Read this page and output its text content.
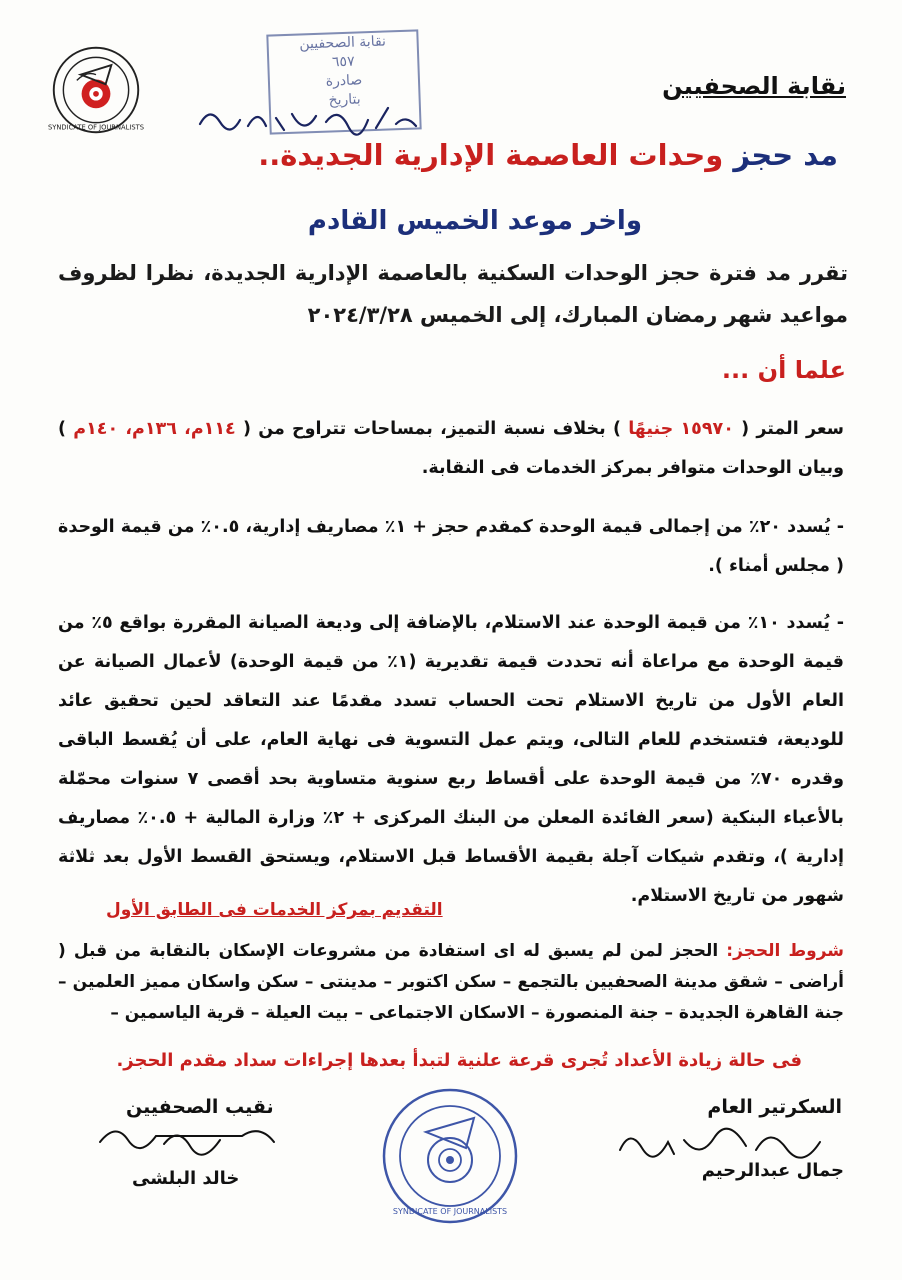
SYNDICATE OF JOURNALISTS
نقابة الصحفيين
٦٥٧
صادرة
بتاريخ	نقابة الصحفيين
مد حجز وحدات العاصمة الإدارية الجديدة..
واخر موعد الخميس القادم
تقرر مد فترة حجز الوحدات السكنية بالعاصمة الإدارية الجديدة، نظرا لظروف مواعيد شهر رمضان المبارك، إلى الخميس ٢٠٢٤/٣/٢٨
علما أن ...
سعر المتر ( ١٥٩٧٠ جنيهًا ) بخلاف نسبة التميز، بمساحات تتراوح من ( ١١٤م، ١٣٦م، ١٤٠م ) وبيان الوحدات متوافر بمركز الخدمات فى النقابة.
- يُسدد ٢٠٪ من إجمالى قيمة الوحدة كمقدم حجز + ١٪ مصاريف إدارية، ٠.٥٪ من قيمة الوحدة ( مجلس أمناء ).
- يُسدد ١٠٪ من قيمة الوحدة عند الاستلام، بالإضافة إلى وديعة الصيانة المقررة بواقع ٥٪ من قيمة الوحدة مع مراعاة أنه تحددت قيمة تقديرية (١٪ من قيمة الوحدة) لأعمال الصيانة عن العام الأول من تاريخ الاستلام تحت الحساب تسدد مقدمًا عند التعاقد لحين تحقيق عائد للوديعة، فتستخدم للعام التالى، ويتم عمل التسوية فى نهاية العام، على أن يُقسط الباقى وقدره ٧٠٪ من قيمة الوحدة على أقساط ربع سنوية متساوية بحد أقصى ٧ سنوات محمّلة بالأعباء البنكية (سعر الفائدة المعلن من البنك المركزى + ٢٪ وزارة المالية + ٠.٥٪ مصاريف إدارية )، وتقدم شيكات آجلة بقيمة الأقساط قبل الاستلام، ويستحق القسط الأول بعد ثلاثة شهور من تاريخ الاستلام.
التقديم بمركز الخدمات فى الطابق الأول
شروط الحجز: الحجز لمن لم يسبق له اى استفادة من مشروعات الإسكان بالنقابة من قبل ( أراضى – شقق مدينة الصحفيين بالتجمع – سكن اكتوبر – مدينتى – سكن واسكان مميز العلمين – جنة القاهرة الجديدة – جنة المنصورة – الاسكان الاجتماعى – بيت العيلة – قرية الياسمين –
فى حالة زيادة الأعداد تُجرى قرعة علنية لتبدأ بعدها إجراءات سداد مقدم الحجز.
السكرتير العام
نقيب الصحفيين
جمال عبدالرحيم
خالد البلشى
SYNDICATE OF JOURNALISTS
